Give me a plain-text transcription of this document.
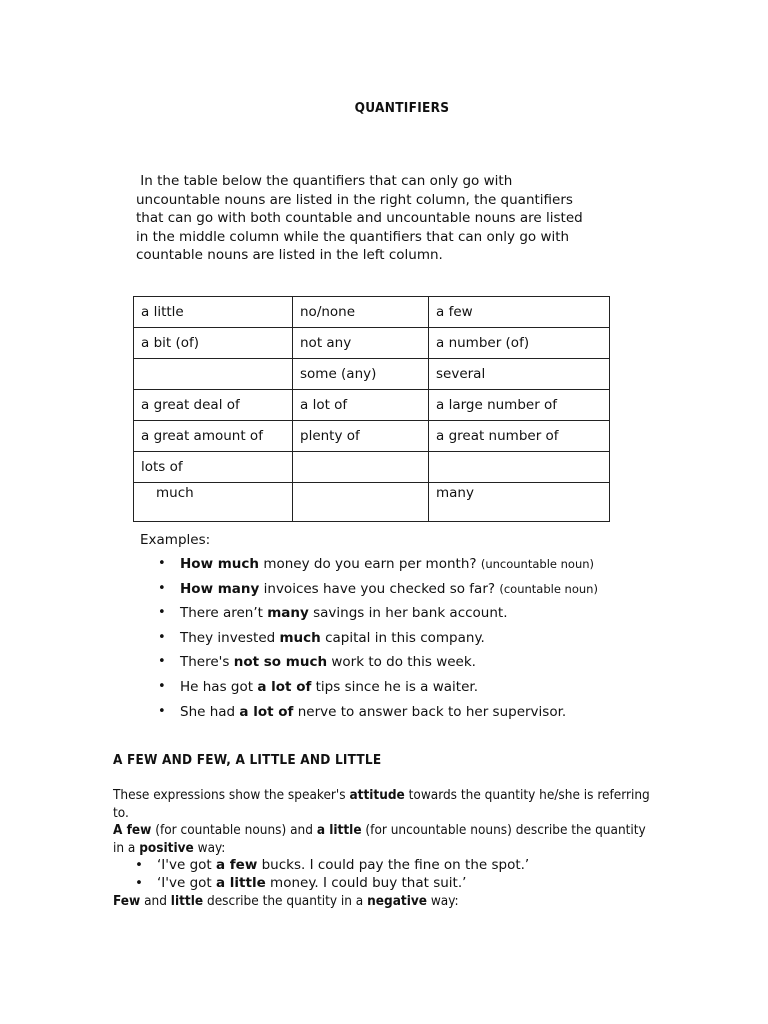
QUANTIFIERS

In the table below the quantifiers that can only go with
uncountable nouns are listed in the right column, the quantifiers
that can go with both countable and uncountable nouns are listed
in the middle column while the quantifiers that can only go with
countable nouns are listed in the left column.

a little	no/none	a few
a bit (of)	not any	a number (of)
	some (any)	several
a great deal of	a lot of	a large number of
a great amount of	plenty of	a great number of
lots of		
much		many

Examples:

• How much money do you earn per month? (uncountable noun)
• How many invoices have you checked so far? (countable noun)
• There aren’t many savings in her bank account.
• They invested much capital in this company.
• There's not so much work to do this week.
• He has got a lot of tips since he is a waiter.
• She had a lot of nerve to answer back to her supervisor.
A FEW AND FEW, A LITTLE AND LITTLE

These expressions show the speaker's attitude towards the quantity he/she is referring to.

A few (for countable nouns) and a little (for uncountable nouns) describe the quantity in a positive way:

• ‘I've got a few bucks. I could pay the fine on the spot.’
• ‘I've got a little money. I could buy that suit.’

Few and little describe the quantity in a negative way:
